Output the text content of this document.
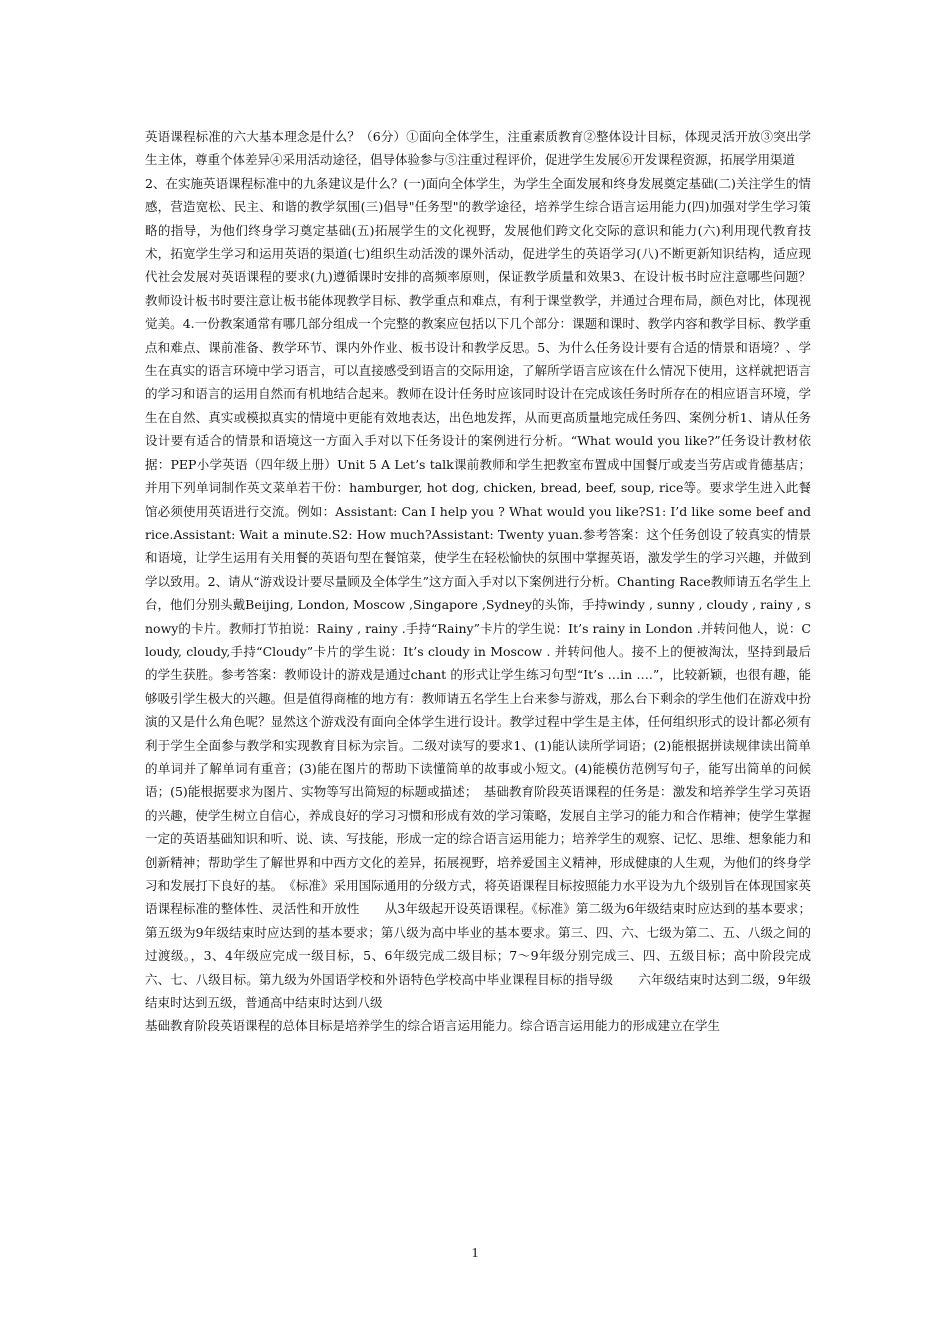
英语课程标准的六大基本理念是什么？（6分）①面向全体学生，注重素质教育②整体设计目标，体现灵活开放③突出学生主体，尊重个体差异④采用活动途径，倡导体验参与⑤注重过程评价，促进学生发展⑥开发课程资源，拓展学用渠道

2、在实施英语课程标准中的九条建议是什么？(一)面向全体学生，为学生全面发展和终身发展奠定基础(二)关注学生的情感，营造宽松、民主、和谐的教学氛围(三)倡导"任务型"的教学途径，培养学生综合语言运用能力(四)加强对学生学习策略的指导，为他们终身学习奠定基础(五)拓展学生的文化视野，发展他们跨文化交际的意识和能力(六)利用现代教育技术，拓宽学生学习和运用英语的渠道(七)组织生动活泼的课外活动，促进学生的英语学习(八)不断更新知识结构，适应现代社会发展对英语课程的要求(九)遵循课时安排的高频率原则，保证教学质量和效果3、在设计板书时应注意哪些问题？教师设计板书时要注意让板书能体现教学目标、教学重点和难点，有利于课堂教学，并通过合理布局，颜色对比，体现视觉美。4.一份教案通常有哪几部分组成一个完整的教案应包括以下几个部分：课题和课时、教学内容和教学目标、教学重点和难点、课前准备、教学环节、课内外作业、板书设计和教学反思。5、为什么任务设计要有合适的情景和语境？、学生在真实的语言环境中学习语言，可以直接感受到语言的交际用途，了解所学语言应该在什么情况下使用，这样就把语言的学习和语言的运用自然而有机地结合起来。教师在设计任务时应该同时设计在完成该任务时所存在的相应语言环境，学生在自然、真实或模拟真实的情境中更能有效地表达，出色地发挥，从而更高质量地完成任务四、案例分析1、请从任务设计要有适合的情景和语境这一方面入手对以下任务设计的案例进行分析。“What would you like?”任务设计教材依据：PEP小学英语（四年级上册）Unit 5 A Let’s talk课前教师和学生把教室布置成中国餐厅或麦当劳店或肯德基店；并用下列单词制作英文菜单若干份：hamburger, hot dog, chicken, bread, beef, soup, rice等。要求学生进入此餐馆必须使用英语进行交流。例如：Assistant: Can I help you ? What would you like?S1: I’d like some beef and rice.Assistant: Wait a minute.S2: How much?Assistant: Twenty yuan.参考答案：这个任务创设了较真实的情景和语境，让学生运用有关用餐的英语句型在餐馆菜，使学生在轻松愉快的氛围中掌握英语，激发学生的学习兴趣，并做到学以致用。2、请从“游戏设计要尽量顾及全体学生”这方面入手对以下案例进行分析。Chanting Race教师请五名学生上台，他们分别头戴Beijing, London, Moscow ,Singapore ,Sydney的头饰，手持windy , sunny , cloudy , rainy , snowy的卡片。教师打节拍说：Rainy , rainy .手持“Rainy”卡片的学生说：It’s rainy in London .并转问他人，说：Cloudy, cloudy,手持“Cloudy”卡片的学生说：It’s cloudy in Moscow . 并转问他人。接不上的便被淘汰，坚持到最后的学生获胜。参考答案：教师设计的游戏是通过chant 的形式让学生练习句型“It’s …in ….”，比较新颖，也很有趣，能够吸引学生极大的兴趣。但是值得商榷的地方有：教师请五名学生上台来参与游戏，那么台下剩余的学生他们在游戏中扮演的又是什么角色呢？显然这个游戏没有面向全体学生进行设计。教学过程中学生是主体，任何组织形式的设计都必须有利于学生全面参与教学和实现教育目标为宗旨。二级对读写的要求1、(1)能认读所学词语；(2)能根据拼读规律读出简单的单词并了解单词有重音；(3)能在图片的帮助下读懂简单的故事或小短文。(4)能模仿范例写句子，能写出简单的问候语；(5)能根据要求为图片、实物等写出简短的标题或描述；　基础教育阶段英语课程的任务是：激发和培养学生学习英语的兴趣，使学生树立自信心，养成良好的学习习惯和形成有效的学习策略，发展自主学习的能力和合作精神；使学生掌握一定的英语基础知识和听、说、读、写技能，形成一定的综合语言运用能力；培养学生的观察、记忆、思维、想象能力和创新精神；帮助学生了解世界和中西方文化的差异，拓展视野，培养爱国主义精神，形成健康的人生观，为他们的终身学习和发展打下良好的基。　《标准》采用国际通用的分级方式，将英语课程目标按照能力水平设为九个级别旨在体现国家英语课程标准的整体性、灵活性和开放性　　从3年级起开设英语课程。《标准》第二级为6年级结束时应达到的基本要求；第五级为9年级结束时应达到的基本要求；第八级为高中毕业的基本要求。第三、四、六、七级为第二、五、八级之间的过渡级。，3、4年级应完成一级目标，5、6年级完成二级目标；7～9年级分别完成三、四、五级目标；高中阶段完成六、七、八级目标。第九级为外国语学校和外语特色学校高中毕业课程目标的指导级　　六年级结束时达到二级，9年级结束时达到五级，普通高中结束时达到八级

基础教育阶段英语课程的总体目标是培养学生的综合语言运用能力。综合语言运用能力的形成建立在学生

1
